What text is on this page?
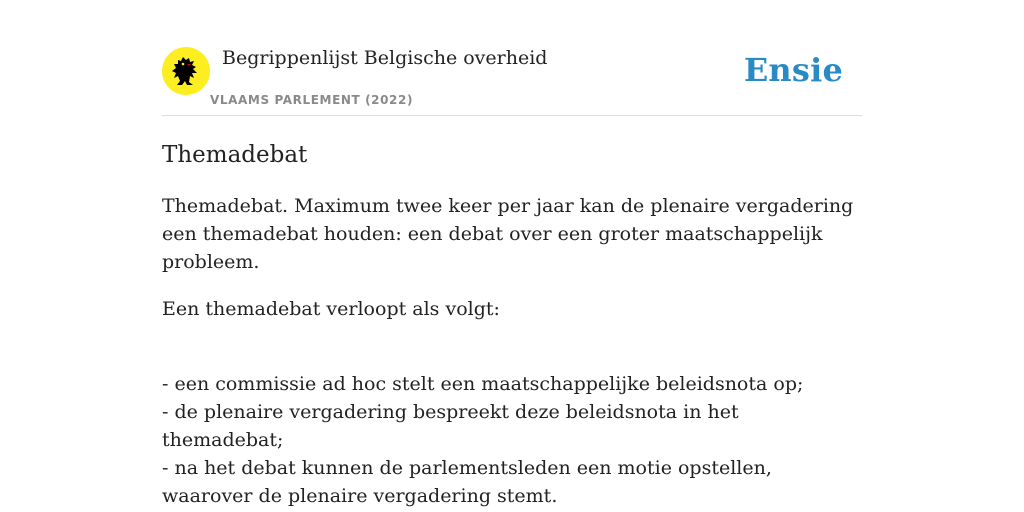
Begrippenlijst Belgische overheid
VLAAMS PARLEMENT (2022)
Ensie
Themadebat

Themadebat. Maximum twee keer per jaar kan de plenaire vergadering een themadebat houden: een debat over een groter maatschappelijk probleem.

Een themadebat verloopt als volgt:

- een commissie ad hoc stelt een maatschappelijke beleidsnota op;
- de plenaire vergadering bespreekt deze beleidsnota in het themadebat;
- na het debat kunnen de parlementsleden een motie opstellen, waarover de plenaire vergadering stemt.
